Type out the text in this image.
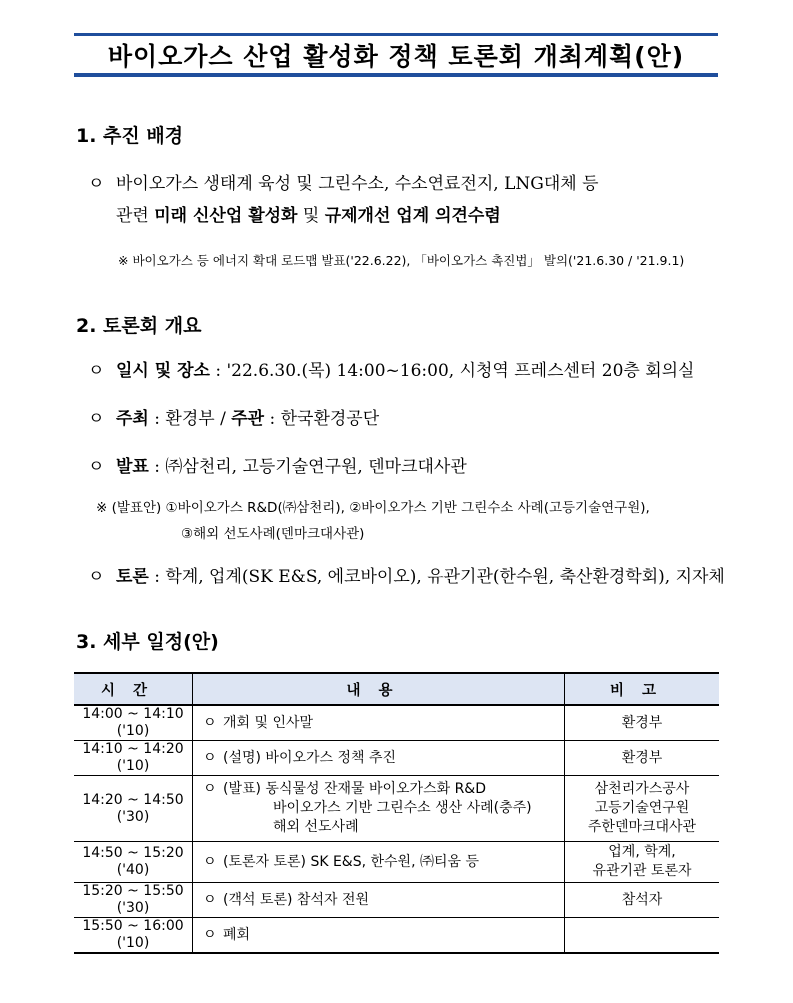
바이오가스 산업 활성화 정책 토론회 개최계획(안)
1. 추진 배경
ㅇ 바이오가스 생태계 육성 및 그린수소, 수소연료전지, LNG대체 등
관련 미래 신산업 활성화 및 규제개선 업계 의견수렴
※ 바이오가스 등 에너지 확대 로드맵 발표('22.6.22), 「바이오가스 촉진법」 발의('21.6.30 / '21.9.1)
2. 토론회 개요
ㅇ 일시 및 장소 : '22.6.30.(목) 14:00~16:00, 시청역 프레스센터 20층 회의실
ㅇ 주최 : 환경부 / 주관 : 한국환경공단
ㅇ 발표 : ㈜삼천리, 고등기술연구원, 덴마크대사관
※ (발표안) ①바이오가스 R&D(㈜삼천리), ②바이오가스 기반 그린수소 사례(고등기술연구원),
③해외 선도사례(덴마크대사관)
ㅇ 토론 : 학계, 업계(SK E&S, 에코바이오), 유관기관(한수원, 축산환경학회), 지자체
3. 세부 일정(안)
시간	내용	비고
14:00 ~ 14:10
('10)	ㅇ 개회 및 인사말	환경부
14:10 ~ 14:20
('10)	ㅇ (설명) 바이오가스 정책 추진	환경부
14:20 ~ 14:50
('30)	ㅇ (발표) 동식물성 잔재물 바이오가스화 R&D
바이오가스 기반 그린수소 생산 사례(충주)
해외 선도사례	삼천리가스공사
고등기술연구원
주한덴마크대사관
14:50 ~ 15:20
('40)	ㅇ (토론자 토론) SK E&S, 한수원, ㈜티움 등	업계, 학계,
유관기관 토론자
15:20 ~ 15:50
('30)	ㅇ (객석 토론) 참석자 전원	참석자
15:50 ~ 16:00
('10)	ㅇ 폐회	
